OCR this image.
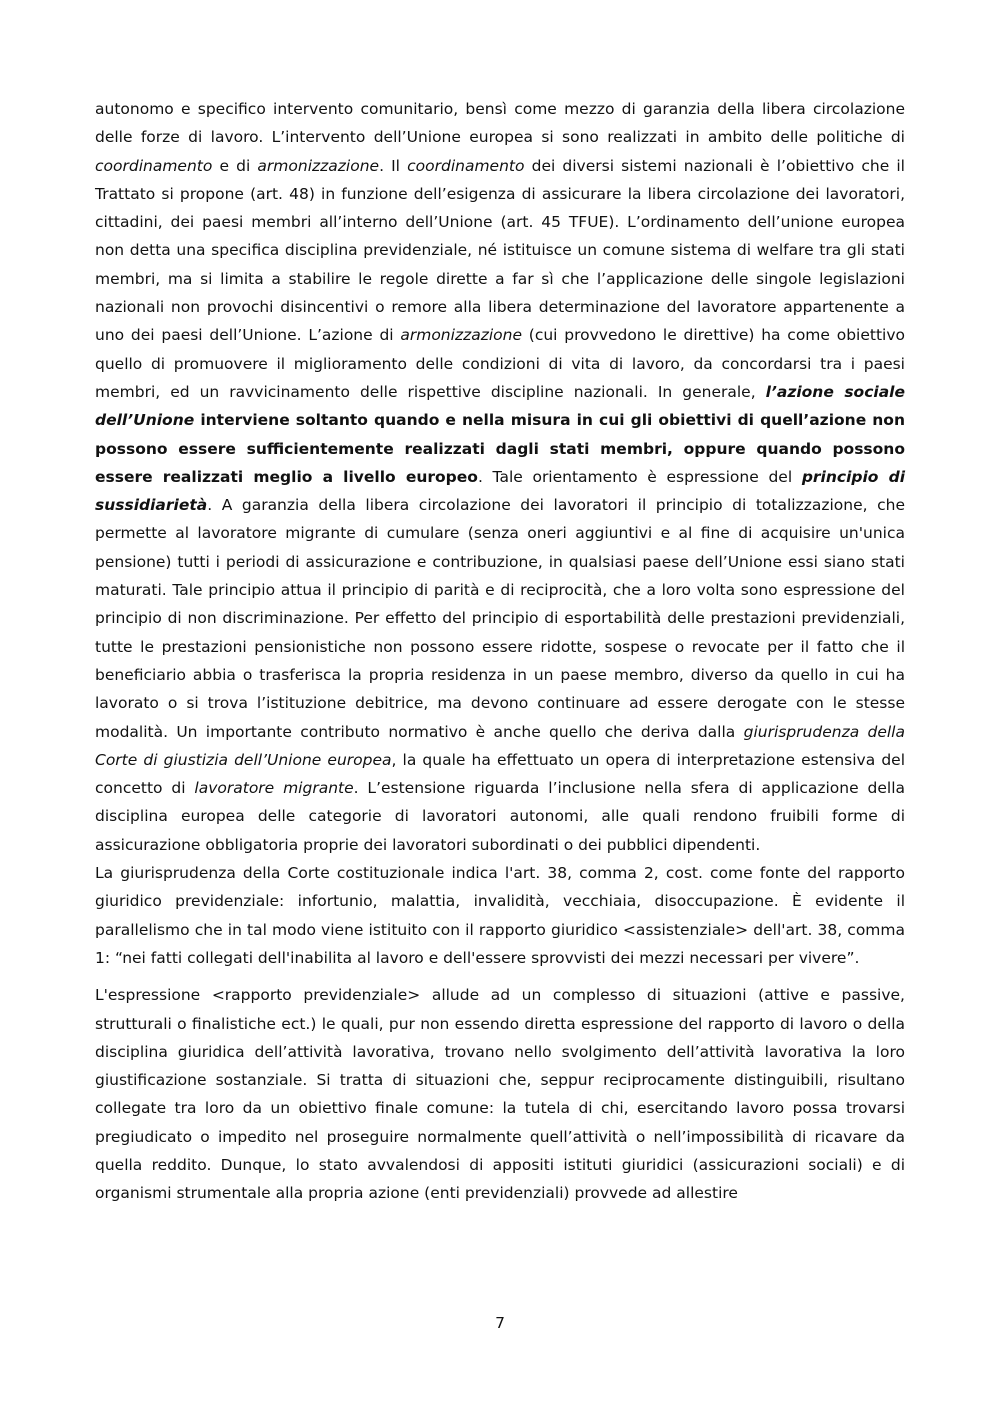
autonomo e specifico intervento comunitario, bensì come mezzo di garanzia della libera circolazione delle forze di lavoro. L’intervento dell’Unione europea si sono realizzati in ambito delle politiche di coordinamento e di armonizzazione. Il coordinamento dei diversi sistemi nazionali è l’obiettivo che il Trattato si propone (art. 48) in funzione dell’esigenza di assicurare la libera circolazione dei lavoratori, cittadini, dei paesi membri all’interno dell’Unione (art. 45 TFUE). L’ordinamento dell’unione europea non detta una specifica disciplina previdenziale, né istituisce un comune sistema di welfare tra gli stati membri, ma si limita a stabilire le regole dirette a far sì che l’applicazione delle singole legislazioni nazionali non provochi disincentivi o remore alla libera determinazione del lavoratore appartenente a uno dei paesi dell’Unione. L’azione di armonizzazione (cui provvedono le direttive) ha come obiettivo quello di promuovere il miglioramento delle condizioni di vita di lavoro, da concordarsi tra i paesi membri, ed un ravvicinamento delle rispettive discipline nazionali. In generale, l’azione sociale dell’Unione interviene soltanto quando e nella misura in cui gli obiettivi di quell’azione non possono essere sufficientemente realizzati dagli stati membri, oppure quando possono essere realizzati meglio a livello europeo. Tale orientamento è espressione del principio di sussidiarietà. A garanzia della libera circolazione dei lavoratori il principio di totalizzazione, che permette al lavoratore migrante di cumulare (senza oneri aggiuntivi e al fine di acquisire un'unica pensione) tutti i periodi di assicurazione e contribuzione, in qualsiasi paese dell’Unione essi siano stati maturati. Tale principio attua il principio di parità e di reciprocità, che a loro volta sono espressione del principio di non discriminazione. Per effetto del principio di esportabilità delle prestazioni previdenziali, tutte le prestazioni pensionistiche non possono essere ridotte, sospese o revocate per il fatto che il beneficiario abbia o trasferisca la propria residenza in un paese membro, diverso da quello in cui ha lavorato o si trova l’istituzione debitrice, ma devono continuare ad essere derogate con le stesse modalità. Un importante contributo normativo è anche quello che deriva dalla giurisprudenza della Corte di giustizia dell’Unione europea, la quale ha effettuato un opera di interpretazione estensiva del concetto di lavoratore migrante. L’estensione riguarda l’inclusione nella sfera di applicazione della disciplina europea delle categorie di lavoratori autonomi, alle quali rendono fruibili forme di assicurazione obbligatoria proprie dei lavoratori subordinati o dei pubblici dipendenti.

La giurisprudenza della Corte costituzionale indica l'art. 38, comma 2, cost. come fonte del rapporto giuridico previdenziale: infortunio, malattia, invalidità, vecchiaia, disoccupazione. È evidente il parallelismo che in tal modo viene istituito con il rapporto giuridico <assistenziale> dell'art. 38, comma 1: “nei fatti collegati dell'inabilita al lavoro e dell'essere sprovvisti dei mezzi necessari per vivere”.

L'espressione <rapporto previdenziale> allude ad un complesso di situazioni (attive e passive, strutturali o finalistiche ect.) le quali, pur non essendo diretta espressione del rapporto di lavoro o della disciplina giuridica dell’attività lavorativa, trovano nello svolgimento dell’attività lavorativa la loro giustificazione sostanziale. Si tratta di situazioni che, seppur reciprocamente distinguibili, risultano collegate tra loro da un obiettivo finale comune: la tutela di chi, esercitando lavoro possa trovarsi pregiudicato o impedito nel proseguire normalmente quell’attività o nell’impossibilità di ricavare da quella reddito. Dunque, lo stato avvalendosi di appositi istituti giuridici (assicurazioni sociali) e di organismi strumentale alla propria azione (enti previdenziali) provvede ad allestire

7
